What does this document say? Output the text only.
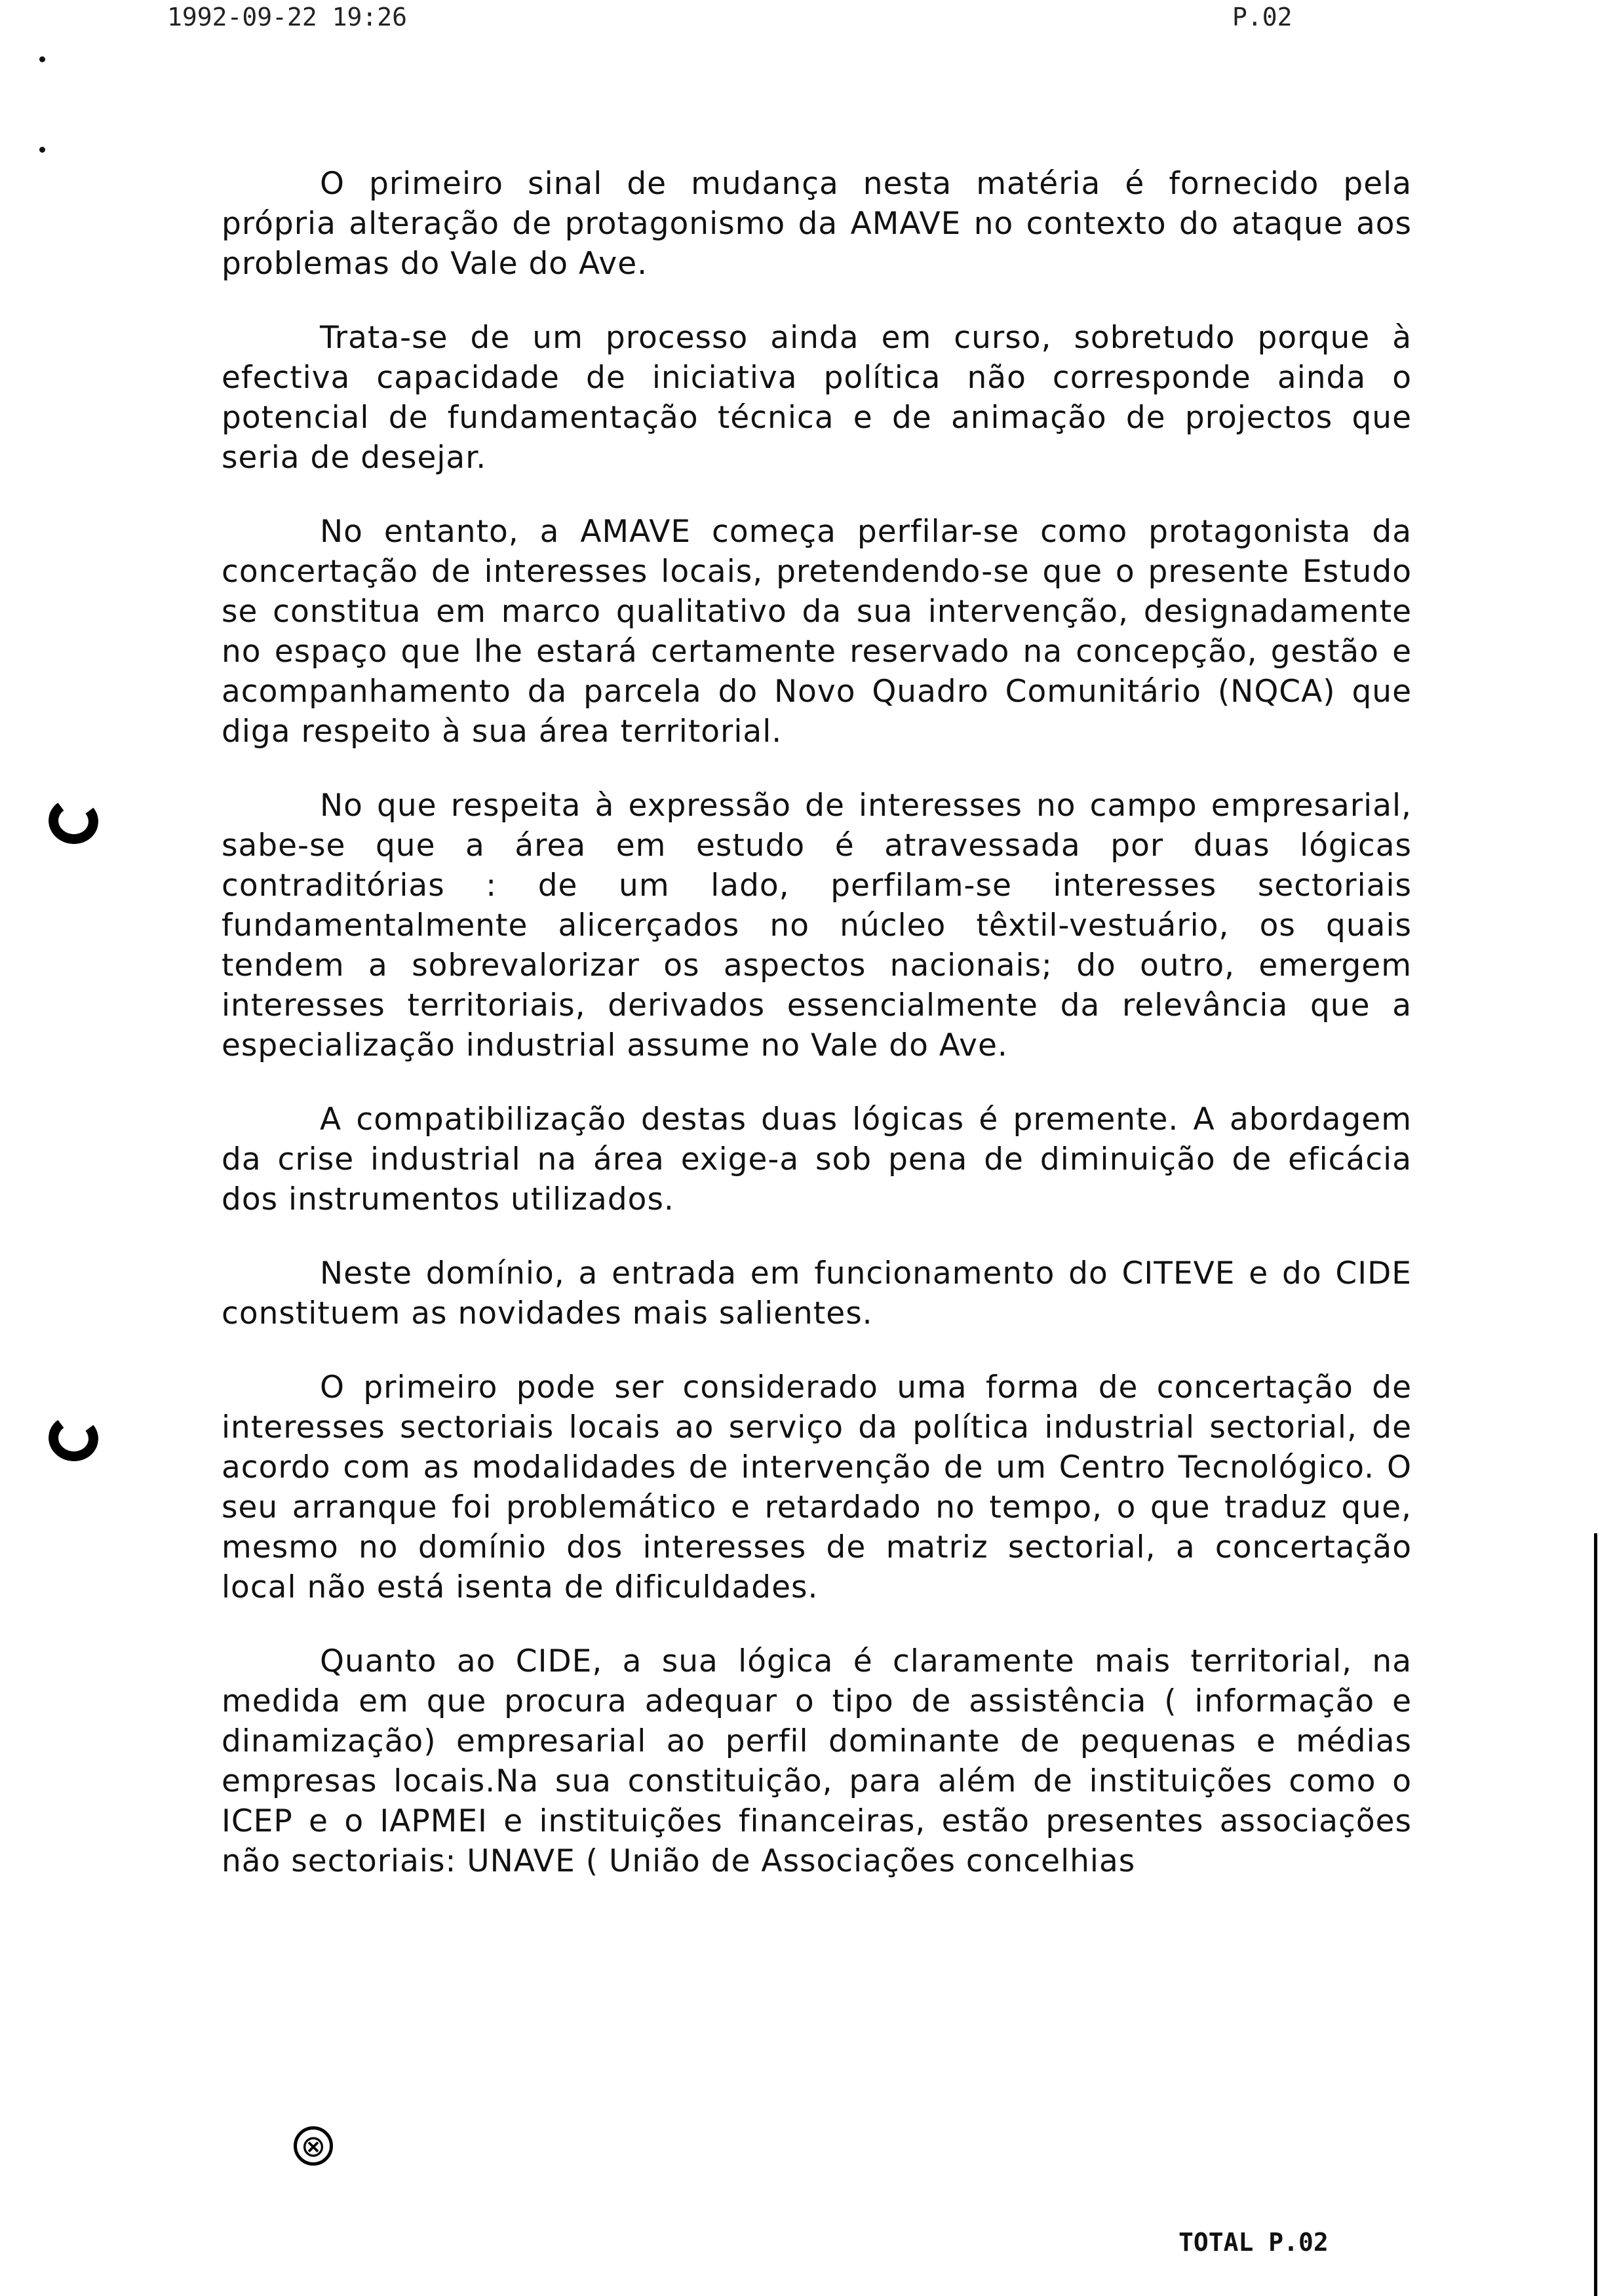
1992-09-22 19:26	P.02

O primeiro sinal de mudança nesta matéria é fornecido pela própria alteração de protagonismo da AMAVE no contexto do ataque aos problemas do Vale do Ave.

Trata-se de um processo ainda em curso, sobretudo porque à efectiva capacidade de iniciativa política não corresponde ainda o potencial de fundamentação técnica e de animação de projectos que seria de desejar.

No entanto, a AMAVE começa perfilar-se como protagonista da concertação de interesses locais, pretendendo-se que o presente Estudo se constitua em marco qualitativo da sua intervenção, designadamente no espaço que lhe estará certamente reservado na concepção, gestão e acompanhamento da parcela do Novo Quadro Comunitário (NQCA) que diga respeito à sua área territorial.

No que respeita à expressão de interesses no campo empresarial, sabe-se que a área em estudo é atravessada por duas lógicas contraditórias : de um lado, perfilam-se interesses sectoriais fundamentalmente alicerçados no núcleo têxtil-vestuário, os quais tendem a sobrevalorizar os aspectos nacionais; do outro, emergem interesses territoriais, derivados essencialmente da relevância que a especialização industrial assume no Vale do Ave.

A compatibilização destas duas lógicas é premente. A abordagem da crise industrial na área exige-a sob pena de diminuição de eficácia dos instrumentos utilizados.

Neste domínio, a entrada em funcionamento do CITEVE e do CIDE constituem as novidades mais salientes.

O primeiro pode ser considerado uma forma de concertação de interesses sectoriais locais ao serviço da política industrial sectorial, de acordo com as modalidades de intervenção de um Centro Tecnológico. O seu arranque foi problemático e retardado no tempo, o que traduz que, mesmo no domínio dos interesses de matriz sectorial, a concertação local não está isenta de dificuldades.

Quanto ao CIDE, a sua lógica é claramente mais territorial, na medida em que procura adequar o tipo de assistência ( informação e dinamização) empresarial ao perfil dominante de pequenas e médias empresas locais.Na sua constituição, para além de instituições como o ICEP e o IAPMEI e instituições financeiras, estão presentes associações não sectoriais: UNAVE ( União de Associações concelhias

⊗
TOTAL P.02
